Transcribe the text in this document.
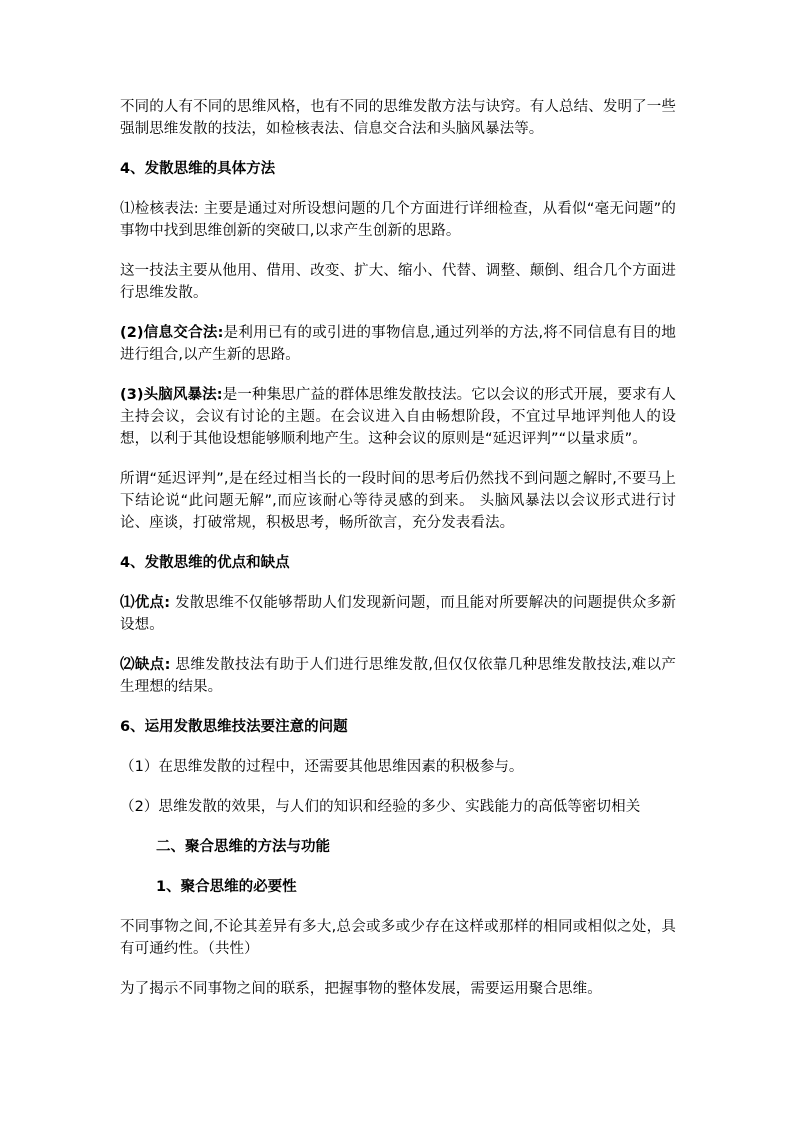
不同的人有不同的思维风格，也有不同的思维发散方法与诀窍。有人总结、发明了一些强制思维发散的技法，如检核表法、信息交合法和头脑风暴法等。

4、发散思维的具体方法

⑴检核表法: 主要是通过对所设想问题的几个方面进行详细检查，从看似“毫无问题”的事物中找到思维创新的突破口,以求产生创新的思路。

这一技法主要从他用、借用、改变、扩大、缩小、代替、调整、颠倒、组合几个方面进行思维发散。

(2)信息交合法:是利用已有的或引进的事物信息,通过列举的方法,将不同信息有目的地进行组合,以产生新的思路。

(3)头脑风暴法:是一种集思广益的群体思维发散技法。它以会议的形式开展，要求有人主持会议，会议有讨论的主题。在会议进入自由畅想阶段，不宜过早地评判他人的设想，以利于其他设想能够顺利地产生。这种会议的原则是“延迟评判”“以量求质”。

所谓“延迟评判”,是在经过相当长的一段时间的思考后仍然找不到问题之解时,不要马上下结论说“此问题无解”,而应该耐心等待灵感的到来。 头脑风暴法以会议形式进行讨论、座谈，打破常规，积极思考，畅所欲言，充分发表看法。

4、发散思维的优点和缺点

⑴优点: 发散思维不仅能够帮助人们发现新问题，而且能对所要解决的问题提供众多新设想。

⑵缺点: 思维发散技法有助于人们进行思维发散,但仅仅依靠几种思维发散技法,难以产生理想的结果。

6、运用发散思维技法要注意的问题

（1）在思维发散的过程中，还需要其他思维因素的积极参与。

（2）思维发散的效果，与人们的知识和经验的多少、实践能力的高低等密切相关

二、聚合思维的方法与功能

1、聚合思维的必要性

不同事物之间,不论其差异有多大,总会或多或少存在这样或那样的相同或相似之处，具有可通约性。（共性）

为了揭示不同事物之间的联系，把握事物的整体发展，需要运用聚合思维。
